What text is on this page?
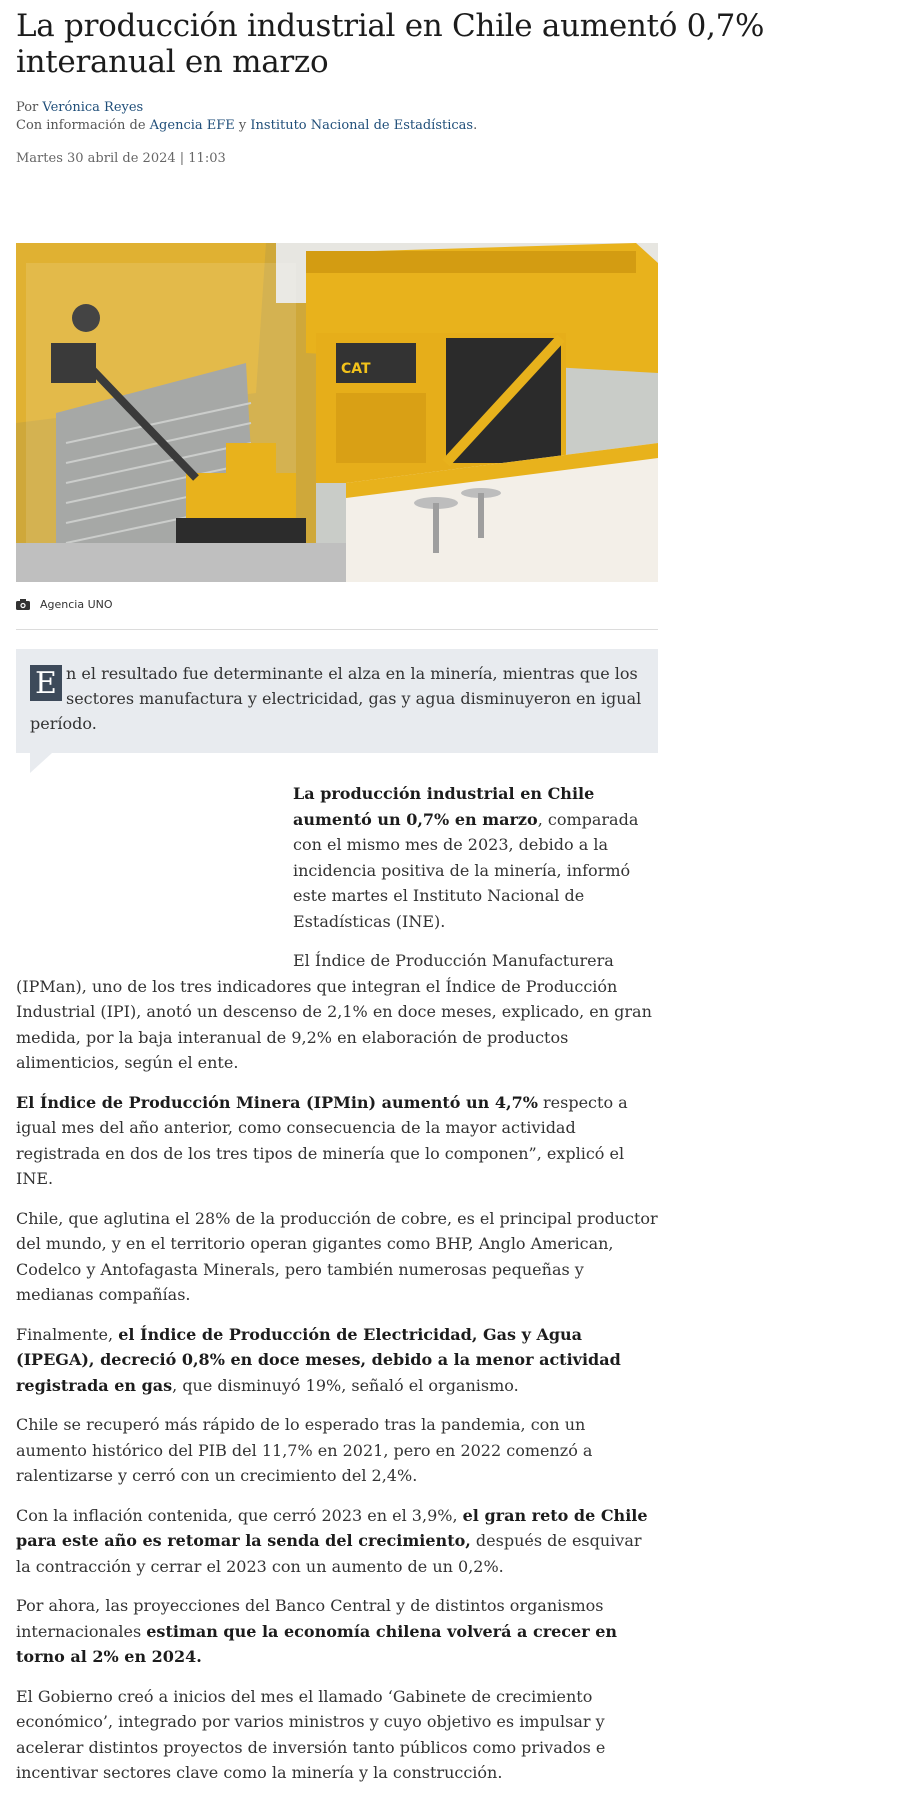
La producción industrial en Chile aumentó 0,7% interanual en marzo
Por Verónica Reyes
Con información de Agencia EFE y Instituto Nacional de Estadísticas.
Martes 30 abril de 2024 | 11:03
CAT
Agencia UNO
E n el resultado fue determinante el alza en la minería, mientras que los sectores manufactura y electricidad, gas y agua disminuyeron en igual período.

La producción industrial en Chile aumentó un 0,7% en marzo, comparada con el mismo mes de 2023, debido a la incidencia positiva de la minería, informó este martes el Instituto Nacional de Estadísticas (INE).

El Índice de Producción Manufacturera (IPMan), uno de los tres indicadores que integran el Índice de Producción Industrial (IPI), anotó un descenso de 2,1% en doce meses, explicado, en gran medida, por la baja interanual de 9,2% en elaboración de productos alimenticios, según el ente.

El Índice de Producción Minera (IPMin) aumentó un 4,7% respecto a igual mes del año anterior, como consecuencia de la mayor actividad registrada en dos de los tres tipos de minería que lo componen”, explicó el INE.

Chile, que aglutina el 28% de la producción de cobre, es el principal productor del mundo, y en el territorio operan gigantes como BHP, Anglo American, Codelco y Antofagasta Minerals, pero también numerosas pequeñas y medianas compañías.

Finalmente, el Índice de Producción de Electricidad, Gas y Agua (IPEGA), decreció 0,8% en doce meses, debido a la menor actividad registrada en gas, que disminuyó 19%, señaló el organismo.

Chile se recuperó más rápido de lo esperado tras la pandemia, con un aumento histórico del PIB del 11,7% en 2021, pero en 2022 comenzó a ralentizarse y cerró con un crecimiento del 2,4%.

Con la inflación contenida, que cerró 2023 en el 3,9%, el gran reto de Chile para este año es retomar la senda del crecimiento, después de esquivar la contracción y cerrar el 2023 con un aumento de un 0,2%.

Por ahora, las proyecciones del Banco Central y de distintos organismos internacionales estiman que la economía chilena volverá a crecer en torno al 2% en 2024.

El Gobierno creó a inicios del mes el llamado ‘Gabinete de crecimiento económico’, integrado por varios ministros y cuyo objetivo es impulsar y acelerar distintos proyectos de inversión tanto públicos como privados e incentivar sectores clave como la minería y la construcción.
